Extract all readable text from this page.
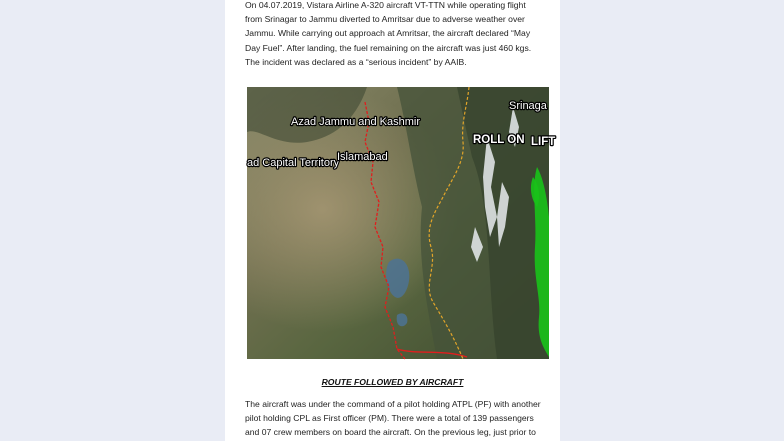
On 04.07.2019, Vistara Airline A-320 aircraft VT-TTN while operating flight
from Srinagar to Jammu diverted to Amritsar due to adverse weather over
Jammu. While carrying out approach at Amritsar, the aircraft declared “May
Day Fuel”. After landing, the fuel remaining on the aircraft was just 460 kgs.
The incident was declared as a “serious incident” by AAIB.
Azad Jammu and Kashmir
ad Capital Territory
Islamabad
Srinaga
ROLL ON LIFT
ROUTE FOLLOWED BY AIRCRAFT
The aircraft was under the command of a pilot holding ATPL (PF) with another
pilot holding CPL as First officer (PM). There were a total of 139 passengers
and 07 crew members on board the aircraft. On the previous leg, just prior to
